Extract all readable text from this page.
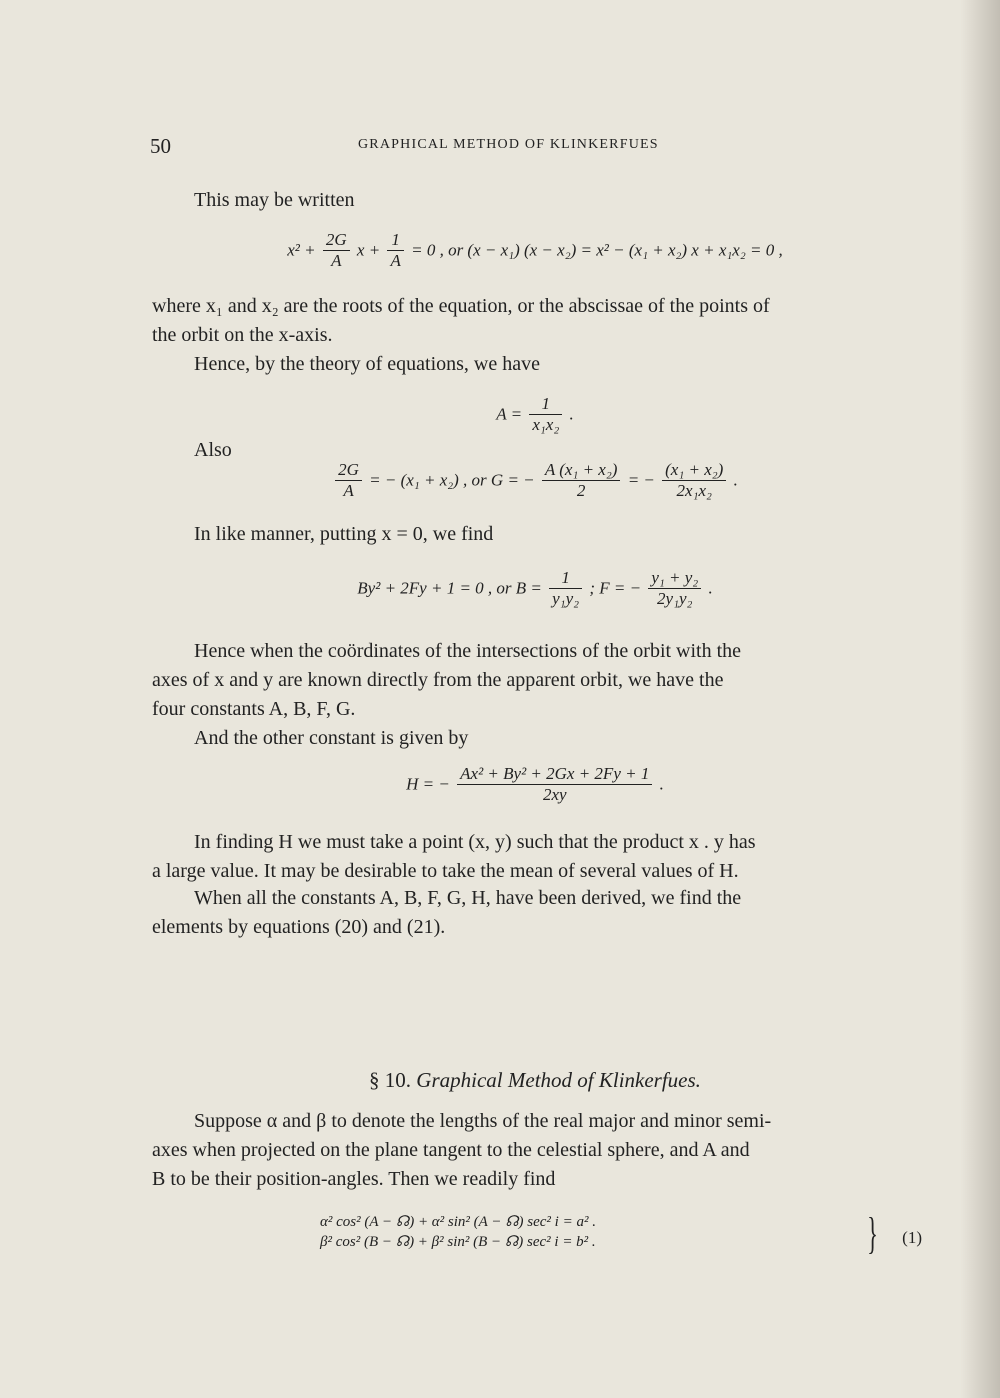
50	GRAPHICAL METHOD OF KLINKERFUES

This may be written

$x^2 + \frac{2G}{A}$ $x + \frac{1}{A} = 0$ , or (x − x₁) (x − x₂) = x² − (x₁ + x₂) x + x₁x₂ = 0 ,
where x₁ and x₂ are the roots of the equation, or the abscissae of the points of
the orbit on the x-axis.

Hence, by the theory of equations, we have

$A = \frac{1}{\text{x₁x₂}}$ .

Also

$\frac{2G}{A}$ = − (x₁ + x₂) , or G = − $\frac{\text{A (x₁ + x₂)}}{2}$ = − $\frac{\text{(x₁ + x₂)}}{\text{2x₁x₂}}$ .

In like manner, putting x = 0, we find

By² + 2Fy + 1 = 0 , or $B = \frac{1}{\text{y₁y₂}}$ ; F = − $\frac{\text{y₁ + y₂}}{\text{2y₁y₂}}$ .
Hence when the coördinates of the intersections of the orbit with the
axes of x and y are known directly from the apparent orbit, we have the
four constants A, B, F, G.

And the other constant is given by

H = − $\frac{\text{Ax² + By² + 2Gx + 2Fy + 1}}{2xy}$ .
In finding H we must take a point (x, y) such that the product x . y has
a large value. It may be desirable to take the mean of several values of H.
When all the constants A, B, F, G, H, have been derived, we find the
elements by equations (20) and (21).
§ 10. Graphical Method of Klinkerfues.
Suppose α and β to denote the lengths of the real major and minor semi-
axes when projected on the plane tangent to the celestial sphere, and A and
B to be their position-angles. Then we readily find
α² cos² (A − ☊) + α² sin² (A − ☊) sec² i = a² .
β² cos² (B − ☊) + β² sin² (B − ☊) sec² i = b² .	} (1)
